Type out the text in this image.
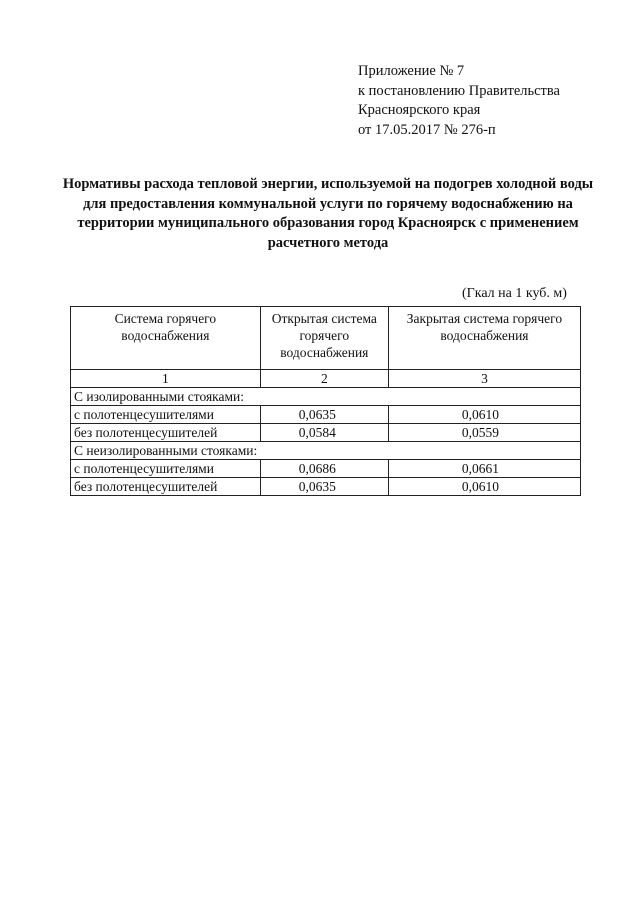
Приложение № 7
к постановлению Правительства
Красноярского края
от 17.05.2017 № 276-п
Нормативы расхода тепловой энергии, используемой на подогрев холодной воды для предоставления коммунальной услуги по горячему водоснабжению на территории муниципального образования город Красноярск с применением расчетного метода
(Гкал на 1 куб. м)
Система горячего водоснабжения	Открытая система горячего водоснабжения	Закрытая система горячего водоснабжения
1	2	3
С изолированными стояками:		
с полотенцесушителями	0,0635	0,0610
без полотенцесушителей	0,0584	0,0559
С неизолированными стояками:		
с полотенцесушителями	0,0686	0,0661
без полотенцесушителей	0,0635	0,0610
